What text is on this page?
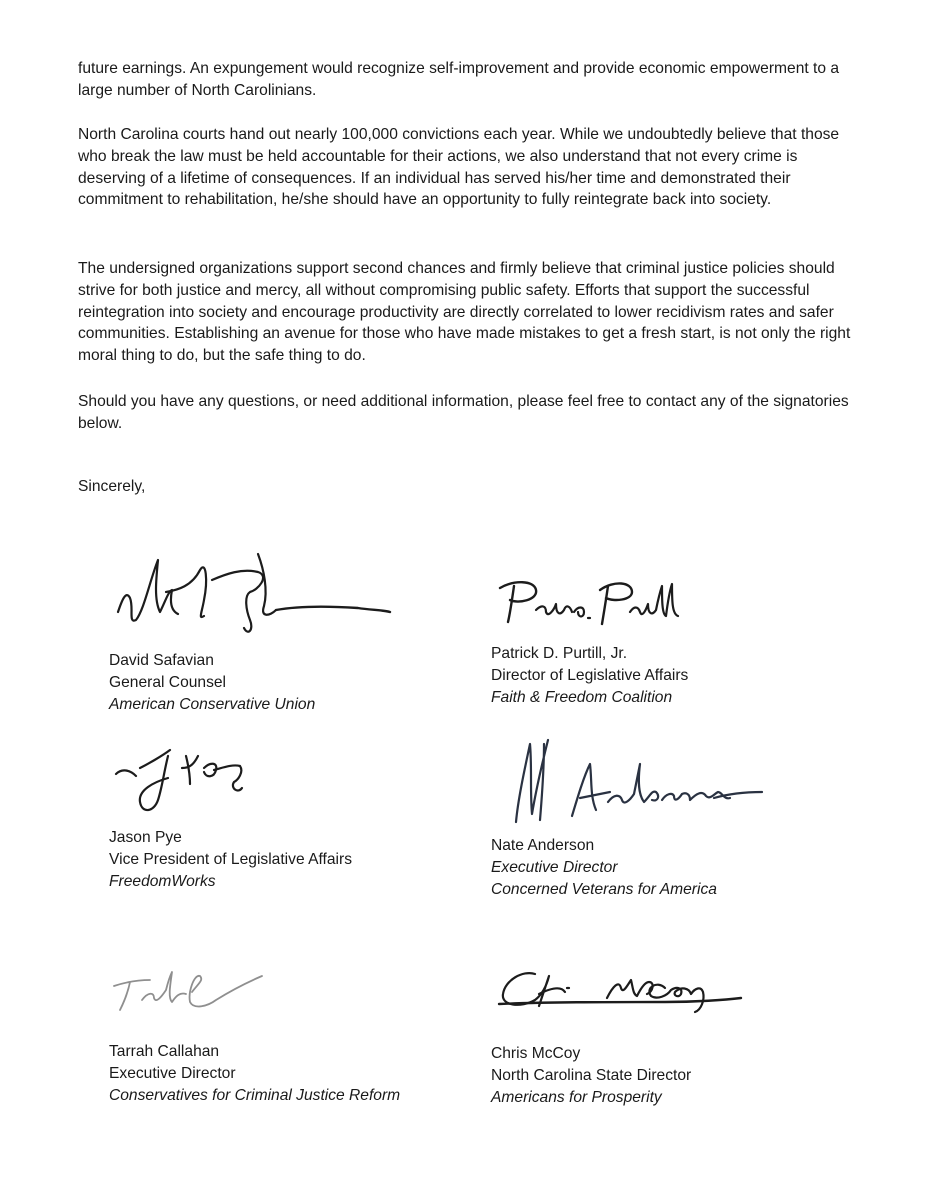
future earnings. An expungement would recognize self-improvement and provide economic empowerment to a large number of North Carolinians.

North Carolina courts hand out nearly 100,000 convictions each year. While we undoubtedly believe that those who break the law must be held accountable for their actions, we also understand that not every crime is deserving of a lifetime of consequences. If an individual has served his/her time and demonstrated their commitment to rehabilitation, he/she should have an opportunity to fully reintegrate back into society.

The undersigned organizations support second chances and firmly believe that criminal justice policies should strive for both justice and mercy, all without compromising public safety. Efforts that support the successful reintegration into society and encourage productivity are directly correlated to lower recidivism rates and safer communities. Establishing an avenue for those who have made mistakes to get a fresh start, is not only the right moral thing to do, but the safe thing to do.

Should you have any questions, or need additional information, please feel free to contact any of the signatories below.

Sincerely,

David Safavian
General Counsel
American Conservative Union
Patrick D. Purtill, Jr.
Director of Legislative Affairs
Faith & Freedom Coalition
Jason Pye
Vice President of Legislative Affairs
FreedomWorks
Nate Anderson
Executive Director
Concerned Veterans for America
Tarrah Callahan
Executive Director
Conservatives for Criminal Justice Reform
Chris McCoy
North Carolina State Director
Americans for Prosperity
